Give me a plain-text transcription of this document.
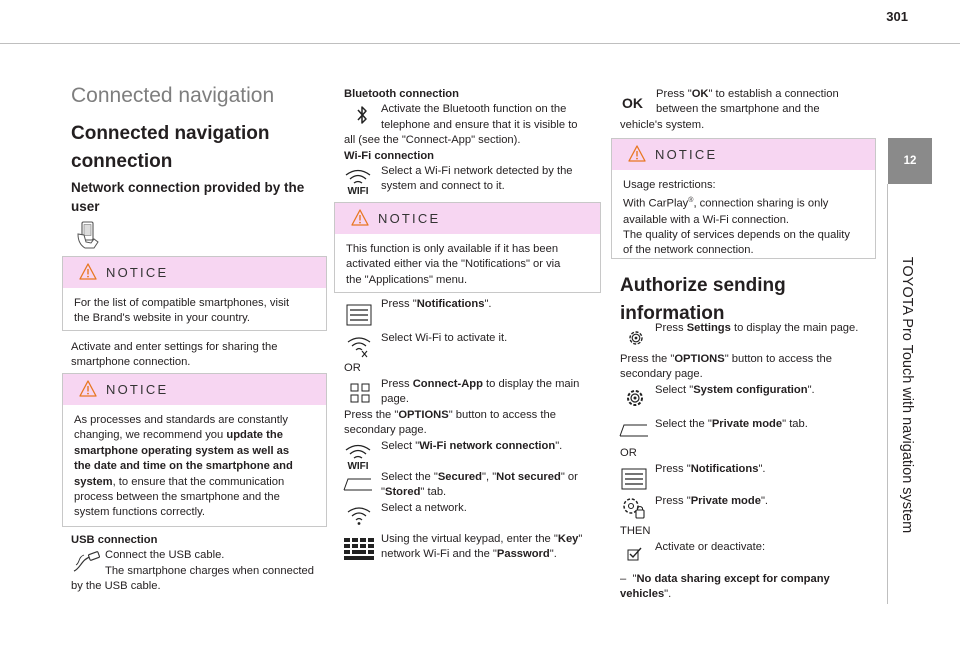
301
12
TOYOTA Pro Touch with navigation system
Connected navigation
Connected navigation
connection
Network connection provided by the
user
NOTICE
For the list of compatible smartphones, visit
the Brand's website in your country.
Activate and enter settings for sharing the
smartphone connection.
NOTICE
As processes and standards are constantly
changing, we recommend you update the
smartphone operating system as well as
the date and time on the smartphone and
system, to ensure that the communication
process between the smartphone and the
system functions correctly.
USB connection
Connect the USB cable.
The smartphone charges when connected
by the USB cable.
Bluetooth connection
Activate the Bluetooth function on the
telephone and ensure that it is visible to
all (see the "Connect-App" section).
Wi-Fi connection
Select a Wi-Fi network detected by the
system and connect to it.
WIFI
NOTICE
This function is only available if it has been
activated either via the "Notifications" or via
the "Applications" menu.
Press "Notifications".
Select Wi-Fi to activate it.
OR
Press Connect-App to display the main
page.
Press the "OPTIONS" button to access the
secondary page.
Select "Wi-Fi network connection".
WIFI
Select the "Secured", "Not secured" or
"Stored" tab.
Select a network.
Using the virtual keypad, enter the "Key"
network Wi-Fi and the "Password".
OK
Press "OK" to establish a connection
between the smartphone and the
vehicle's system.
NOTICE
Usage restrictions:
With CarPlay®, connection sharing is only
available with a Wi-Fi connection.
The quality of services depends on the quality
of the network connection.
Authorize sending
information
Press Settings to display the main page.
Press the "OPTIONS" button to access the
secondary page.
Select "System configuration".
Select the "Private mode" tab.
OR
Press "Notifications".
Press "Private mode".
THEN
Activate or deactivate:
– "No data sharing except for company
vehicles".
